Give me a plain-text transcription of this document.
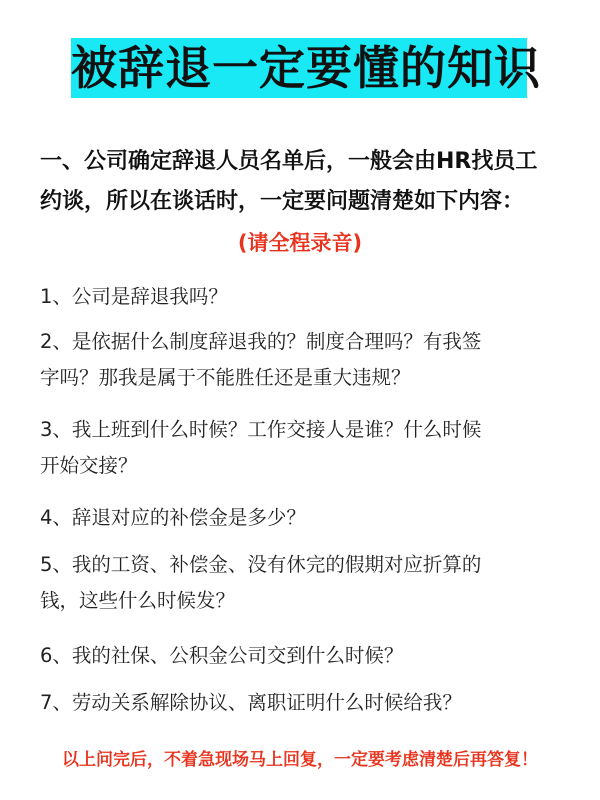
被辞退一定要懂的知识
一、公司确定辞退人员名单后，一般会由HR找员工
约谈，所以在谈话时，一定要问题清楚如下内容：
(请全程录音)
1、公司是辞退我吗？
2、是依据什么制度辞退我的？制度合理吗？有我签
字吗？那我是属于不能胜任还是重大违规？
3、我上班到什么时候？工作交接人是谁？什么时候
开始交接？
4、辞退对应的补偿金是多少？
5、我的工资、补偿金、没有休完的假期对应折算的
钱，这些什么时候发？
6、我的社保、公积金公司交到什么时候？
7、劳动关系解除协议、离职证明什么时候给我？
以上问完后，不着急现场马上回复，一定要考虑清楚后再答复！
